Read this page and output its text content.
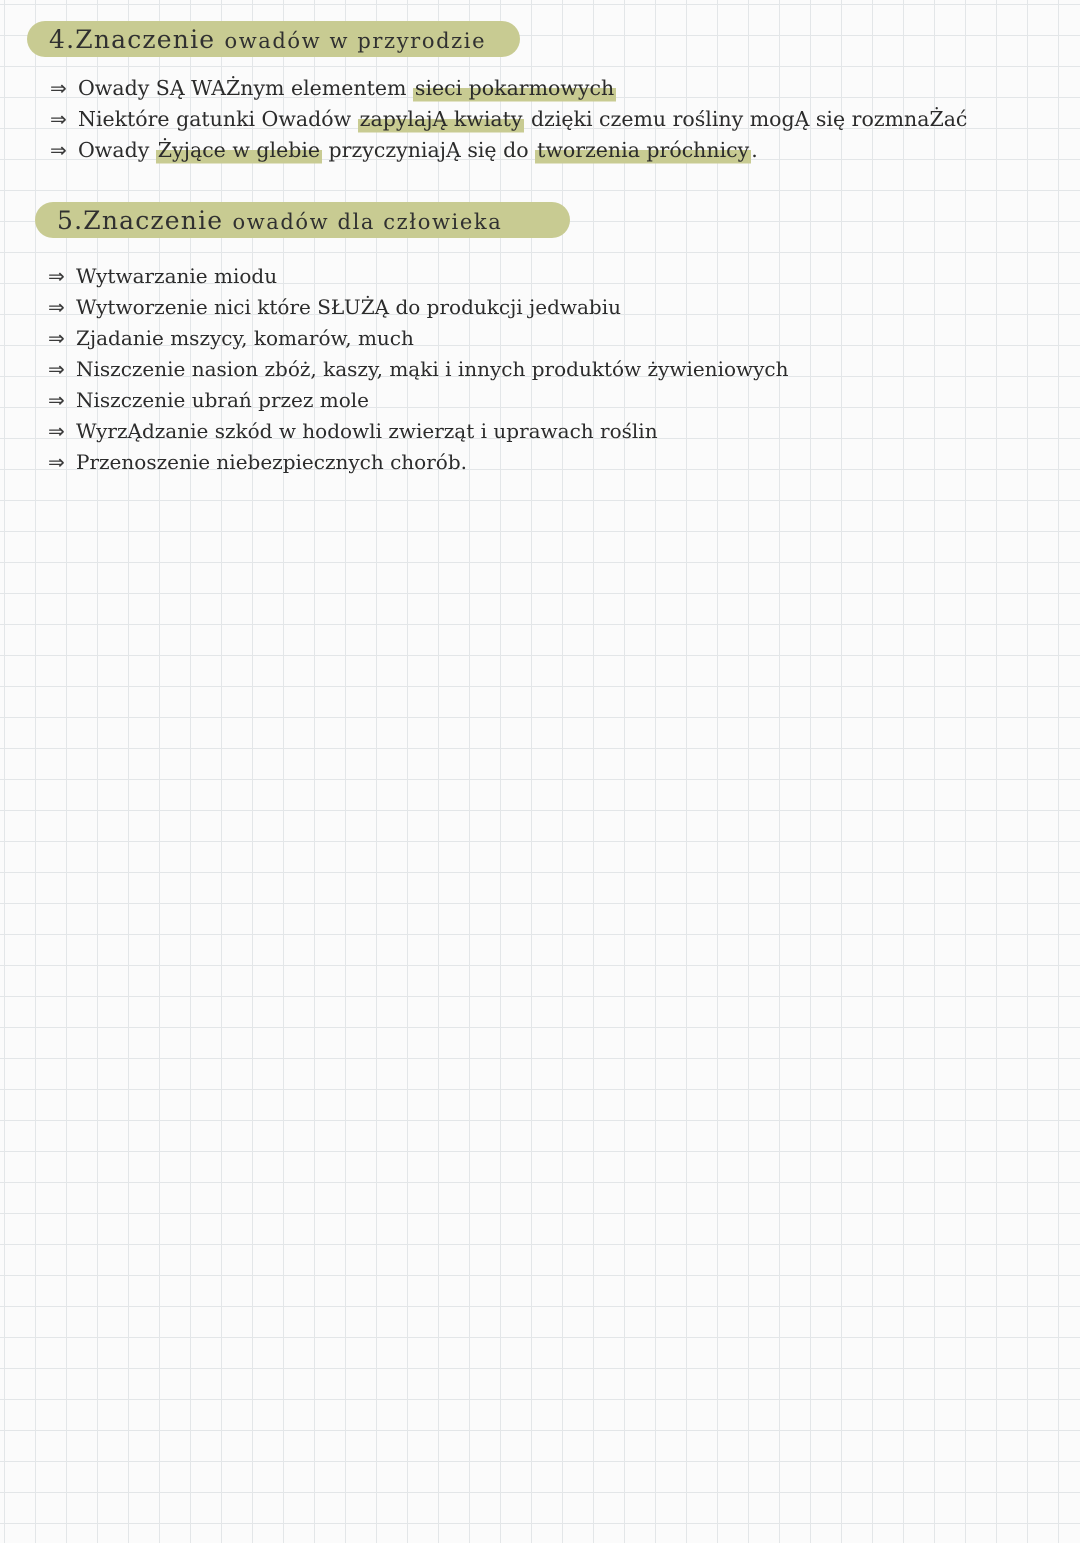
4.Znaczenie owadów w przyrodzie
⇒ Owady SĄ WAŻnym elementem sieci pokarmowych
⇒ Niektóre gatunki Owadów zapylajĄ kwiaty dzięki czemu rośliny mogĄ się rozmnaŻać
⇒ Owady Żyjące w glebie przyczyniajĄ się do tworzenia próchnicy .
5.Znaczenie owadów dla człowieka
⇒ Wytwarzanie miodu
⇒ Wytworzenie nici które SŁUŻĄ do produkcji jedwabiu
⇒ Zjadanie mszycy, komarów, much
⇒ Niszczenie nasion zbóż, kaszy, mąki i innych produktów żywieniowych
⇒ Niszczenie ubrań przez mole
⇒ WyrzĄdzanie szkód w hodowli zwierząt i uprawach roślin
⇒ Przenoszenie niebezpiecznych chorób.
